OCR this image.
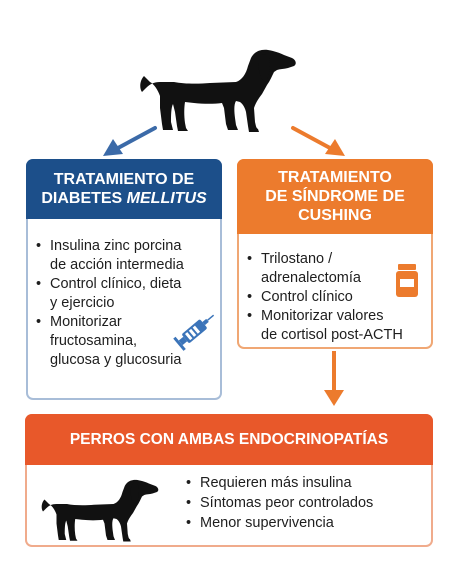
TRATAMIENTO DE
DIABETES MELLITUS
• Insulina zinc porcina
de acción intermedia
• Control clínico, dieta
y ejercicio
• Monitorizar
fructosamina,
glucosa y glucosuria
TRATAMIENTO
DE SÍNDROME DE
CUSHING
• Trilostano /
adrenalectomía
• Control clínico
• Monitorizar valores
de cortisol post-ACTH
PERROS CON AMBAS ENDOCRINOPATÍAS
• Requieren más insulina
• Síntomas peor controlados
• Menor supervivencia
